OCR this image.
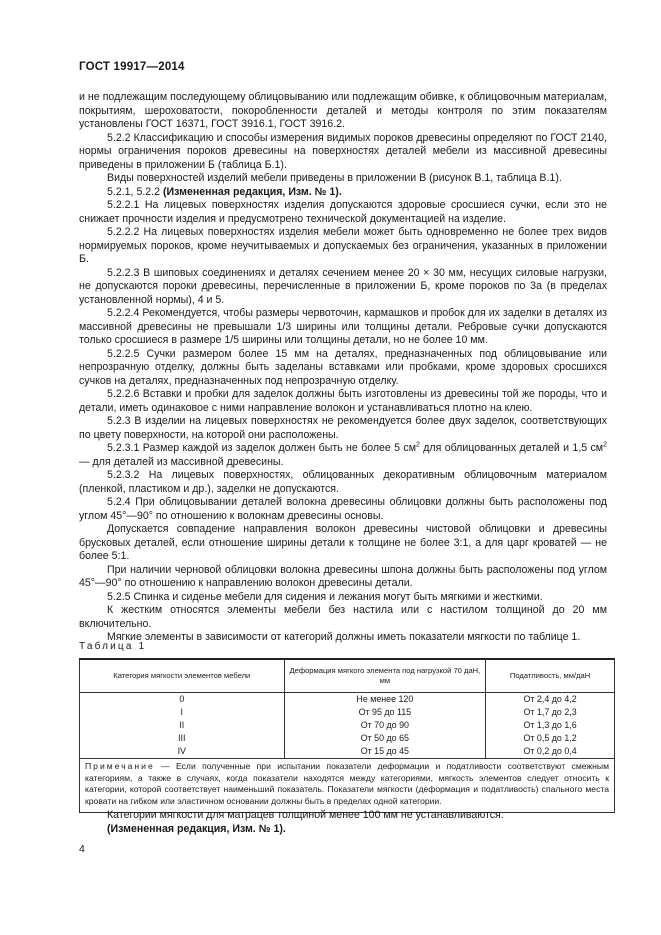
ГОСТ 19917—2014

и не подлежащим последующему облицовыванию или подлежащим обивке, к облицовочным материалам, покрытиям, шероховатости, покоробленности деталей и методы контроля по этим показателям установлены ГОСТ 16371, ГОСТ 3916.1, ГОСТ 3916.2.

5.2.2 Классификацию и способы измерения видимых пороков древесины определяют по ГОСТ 2140, нормы ограничения пороков древесины на поверхностях деталей мебели из массивной древесины приведены в приложении Б (таблица Б.1).

Виды поверхностей изделий мебели приведены в приложении В (рисунок В.1, таблица В.1).

5.2.1, 5.2.2 (Измененная редакция, Изм. № 1).

5.2.2.1 На лицевых поверхностях изделия допускаются здоровые сросшиеся сучки, если это не снижает прочности изделия и предусмотрено технической документацией на изделие.

5.2.2.2 На лицевых поверхностях изделия мебели может быть одновременно не более трех видов нормируемых пороков, кроме неучитываемых и допускаемых без ограничения, указанных в приложении Б.

5.2.2.3 В шиповых соединениях и деталях сечением менее 20 × 30 мм, несущих силовые нагрузки, не допускаются пороки древесины, перечисленные в приложении Б, кроме пороков по 3а (в пределах установленной нормы), 4 и 5.

5.2.2.4 Рекомендуется, чтобы размеры червоточин, кармашков и пробок для их заделки в деталях из массивной древесины не превышали 1/3 ширины или толщины детали. Ребровые сучки допускаются только сросшиеся в размере 1/5 ширины или толщины детали, но не более 10 мм.

5.2.2.5 Сучки размером более 15 мм на деталях, предназначенных под облицовывание или непрозрачную отделку, должны быть заделаны вставками или пробками, кроме здоровых сросшихся сучков на деталях, предназначенных под непрозрачную отделку.

5.2.2.6 Вставки и пробки для заделок должны быть изготовлены из древесины той же породы, что и детали, иметь одинаковое с ними направление волокон и устанавливаться плотно на клею.

5.2.3 В изделии на лицевых поверхностях не рекомендуется более двух заделок, соответствующих по цвету поверхности, на которой они расположены.

5.2.3.1 Размер каждой из заделок должен быть не более 5 $см^2$ для облицованных деталей и 1,5 $см^2$ — для деталей из массивной древесины.

5.2.3.2 На лицевых поверхностях, облицованных декоративным облицовочным материалом (пленкой, пластиком и др.), заделки не допускаются.

5.2.4 При облицовывании деталей волокна древесины облицовки должны быть расположены под углом 45°—90° по отношению к волокнам древесины основы.

Допускается совпадение направления волокон древесины чистовой облицовки и древесины брусковых деталей, если отношение ширины детали к толщине не более 3:1, а для царг кроватей — не более 5:1.

При наличии черновой облицовки волокна древесины шпона должны быть расположены под углом 45°—90° по отношению к направлению волокон древесины детали.

5.2.5 Спинка и сиденье мебели для сидения и лежания могут быть мягкими и жесткими.

К жестким относятся элементы мебели без настила или с настилом толщиной до 20 мм включительно.

Мягкие элементы в зависимости от категорий должны иметь показатели мягкости по таблице 1.

Таблица 1
Категория мягкости элементов мебели	Деформация мягкого элемента под нагрузкой 70 даН, мм	Податливость, мм/даН
0	Не менее 120	От 2,4 до 4,2
I	От 95 до 115	От 1,7 до 2,3
II	От 70 до 90	От 1,3 до 1,6
III	От 50 до 65	От 0,5 до 1,2
IV	От 15 до 45	От 0,2 до 0,4
Примечание — Если полученные при испытании показатели деформации и податливости соответствуют смежным категориям, а также в случаях, когда показатели находятся между категориями, мягкость элементов следует относить к категории, которой соответствует наименьший показатель. Показатели мягкости (деформация и податливость) спального места кровати на гибком или эластичном основании должны быть в пределах одной категории.		

Категории мягкости для матрацев толщиной менее 100 мм не устанавливаются.

(Измененная редакция, Изм. № 1).

4
